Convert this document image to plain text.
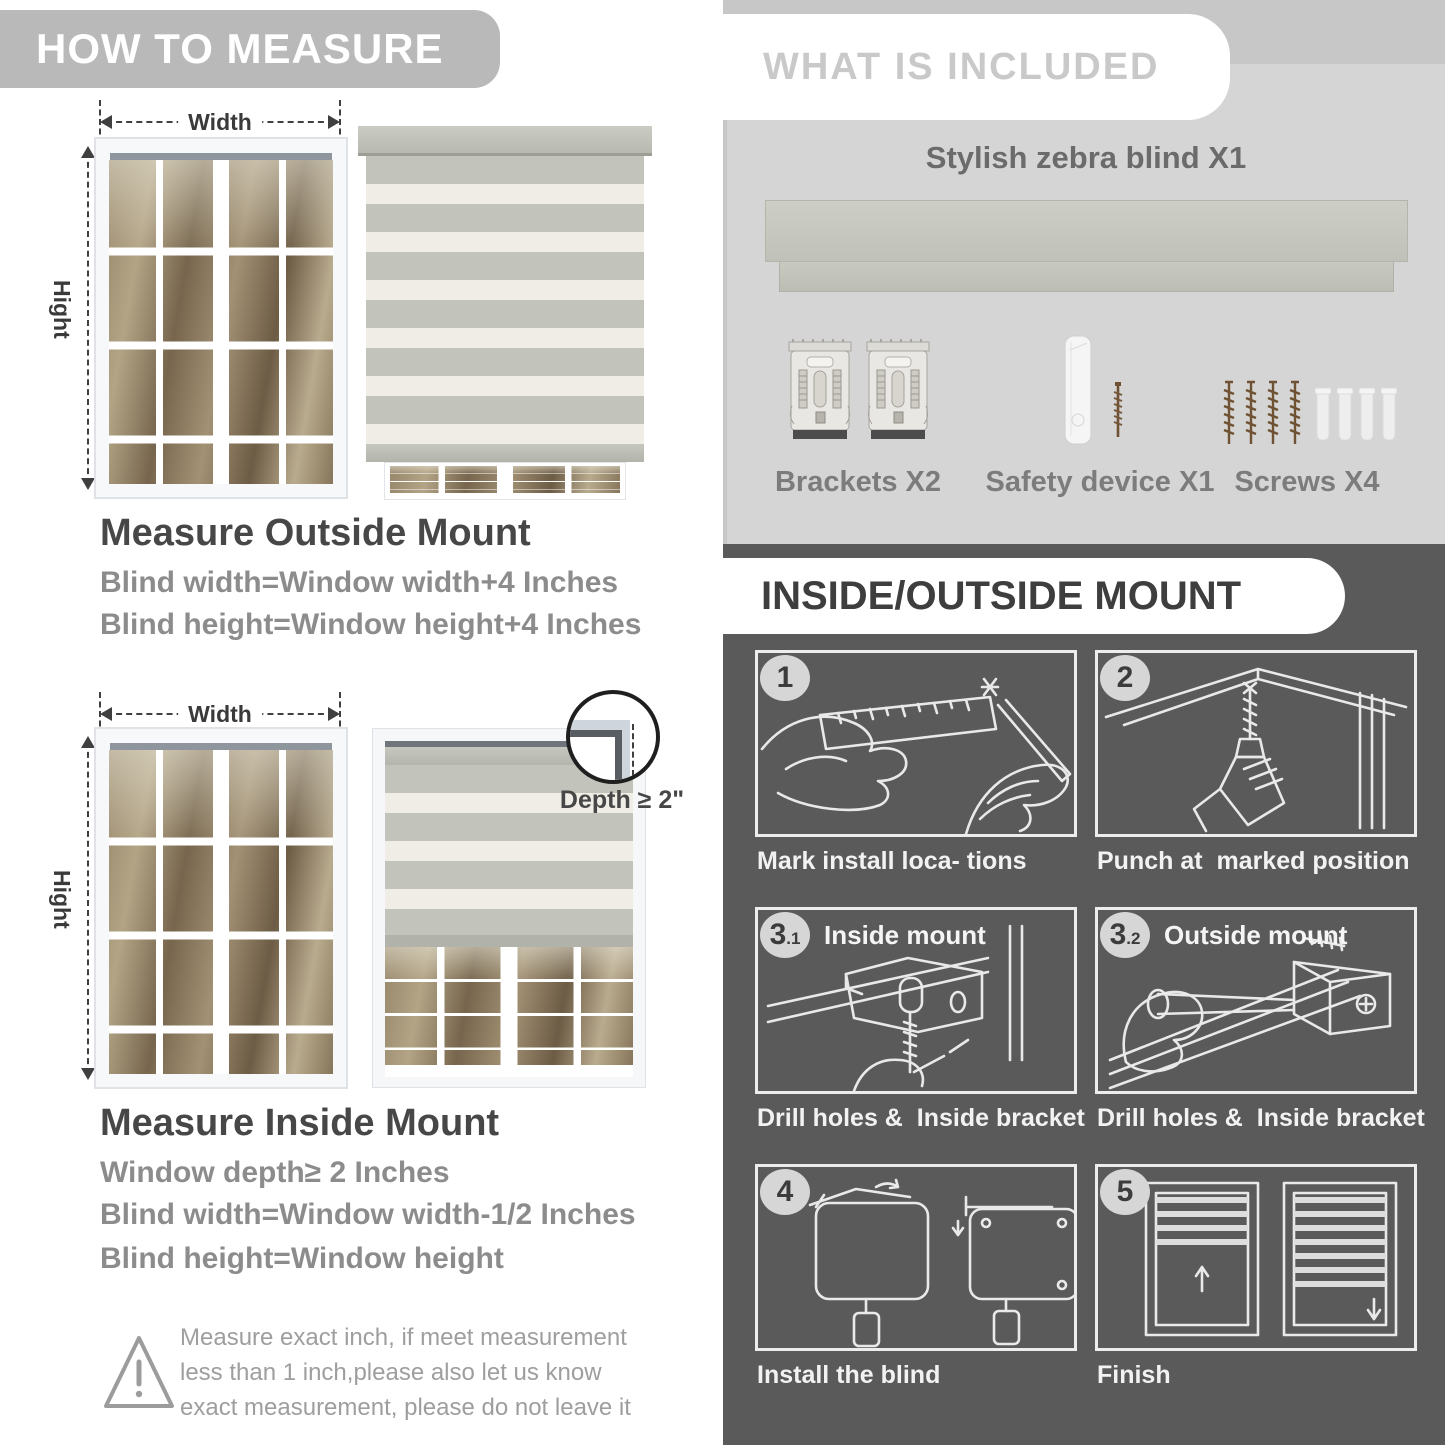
HOW TO MEASURE
Width
Hight
Measure Outside Mount
Blind width=Window width+4 Inches
Blind height=Window height+4 Inches
Width
Hight
Depth ≥ 2"
Measure Inside Mount
Window depth≥ 2 Inches
Blind width=Window width-1/2 Inches
Blind height=Window height
Measure exact inch, if meet measurement less than 1 inch,please also let us know exact measurement, please do not leave it
WHAT IS INCLUDED
Stylish zebra blind X1
Brackets X2	Safety device X1 Screws X4
INSIDE/OUTSIDE MOUNT
1
Mark install loca- tions
2
Punch at  marked position
3.1 Inside mount
Drill holes &  Inside bracket
3.2 Outside mount
Drill holes &  Inside bracket
4
Install the blind
5
Finish
